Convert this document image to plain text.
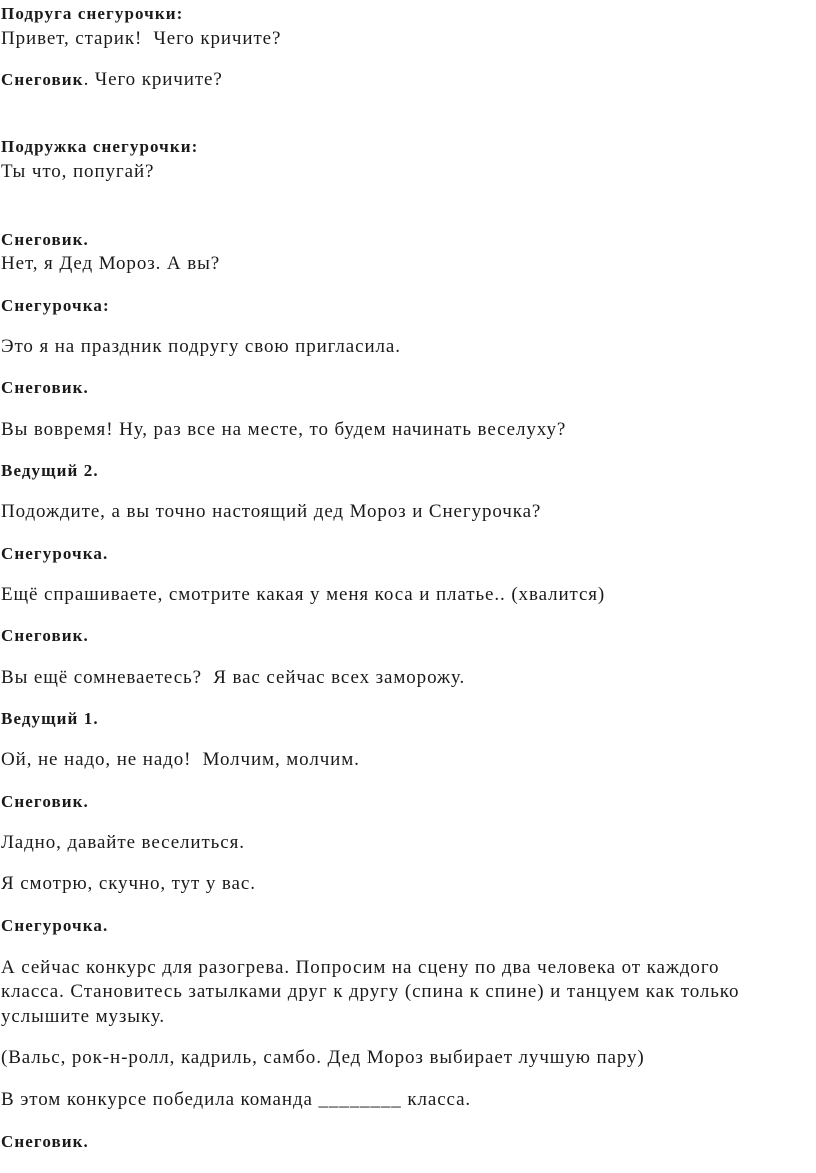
Подруга снегурочки:

Привет, старик!  Чего кричите?

Снеговик. Чего кричите?

Подружка снегурочки:

Ты что, попугай?

Снеговик.

Нет, я Дед Мороз. А вы?

Снегурочка:

Это я на праздник подругу свою пригласила.

Снеговик.

Вы вовремя! Ну, раз все на месте, то будем начинать веселуху?

Ведущий 2.

Подождите, а вы точно настоящий дед Мороз и Снегурочка?

Снегурочка.

Ещё спрашиваете, смотрите какая у меня коса и платье.. (хвалится)

Снеговик.

Вы ещё сомневаетесь?  Я вас сейчас всех заморожу.

Ведущий 1.

Ой, не надо, не надо!  Молчим, молчим.

Снеговик.

Ладно, давайте веселиться.

Я смотрю, скучно, тут у вас.

Снегурочка.

А сейчас конкурс для разогрева. Попросим на сцену по два человека от каждого

класса. Становитесь затылками друг к другу (спина к спине) и танцуем как только

услышите музыку.

(Вальс, рок-н-ролл, кадриль, самбо. Дед Мороз выбирает лучшую пару)

В этом конкурсе победила команда ________ класса.

Снеговик.
